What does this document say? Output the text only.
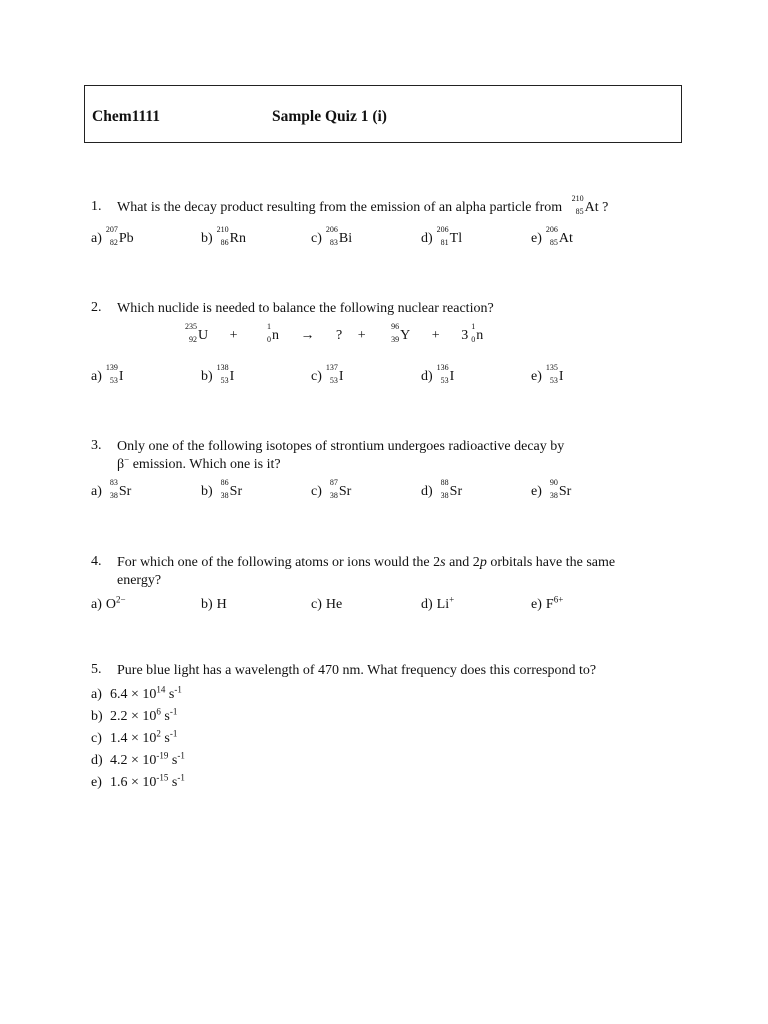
Chem1111	Sample Quiz 1 (i)
1. What is the decay product resulting from the emission of an alpha particle from
210
85 At ?
a)
207
82 Pb	b)
210
86 Rn	c)
206
83 Bi	d)
206
81 Tl	e)
206
85 At
2. Which nuclide is needed to balance the following nuclear reaction?
235
92 U +
1
0 n → ? +
96
39 Y + 3
1
0 n
a)
139
53 I	b)
138
53 I	c)
137
53 I	d)
136
53 I	e)
135
53 I
3. Only one of the following isotopes of strontium undergoes radioactive decay by
β− emission. Which one is it?
a)
83
38 Sr	b)
86
38 Sr	c)
87
38 Sr	d)
88
38 Sr	e)
90
38 Sr
4. For which one of the following atoms or ions would the 2s and 2p orbitals have the same
energy?
a) $O^{2-}$	b) H	c) He	d) Li+	e) $F^{6+}$
5. Pure blue light has a wavelength of 470 nm. What frequency does this correspond to?
a) $6.4 \times 10^{14}$ $s^{-1}$
b) $2.2 \times 10^6$ $s^{-1}$
c) $1.4 \times 10^2$ $s^{-1}$
d) $4.2 \times 10^{-19}$ $s^{-1}$
e) $1.6 \times 10^{-15}$ $s^{-1}$
